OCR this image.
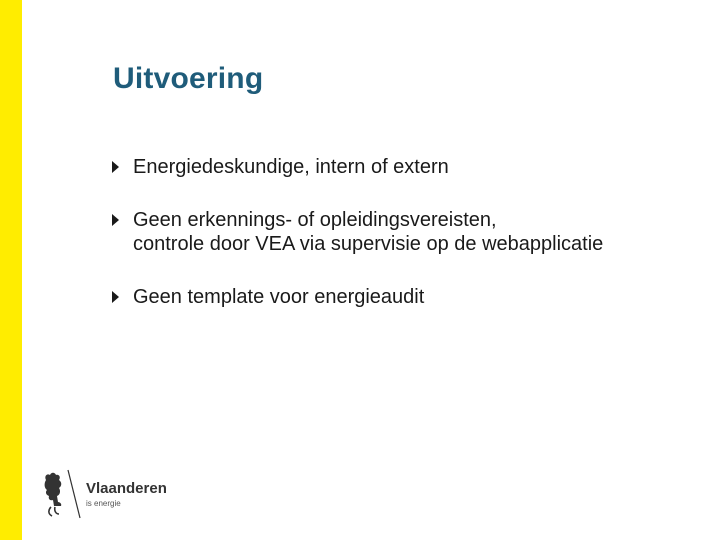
Uitvoering
Energiedeskundige, intern of extern
Geen erkennings- of opleidingsvereisten,
controle door VEA via supervisie op de webapplicatie
Geen template voor energieaudit
Vlaanderen
is energie
